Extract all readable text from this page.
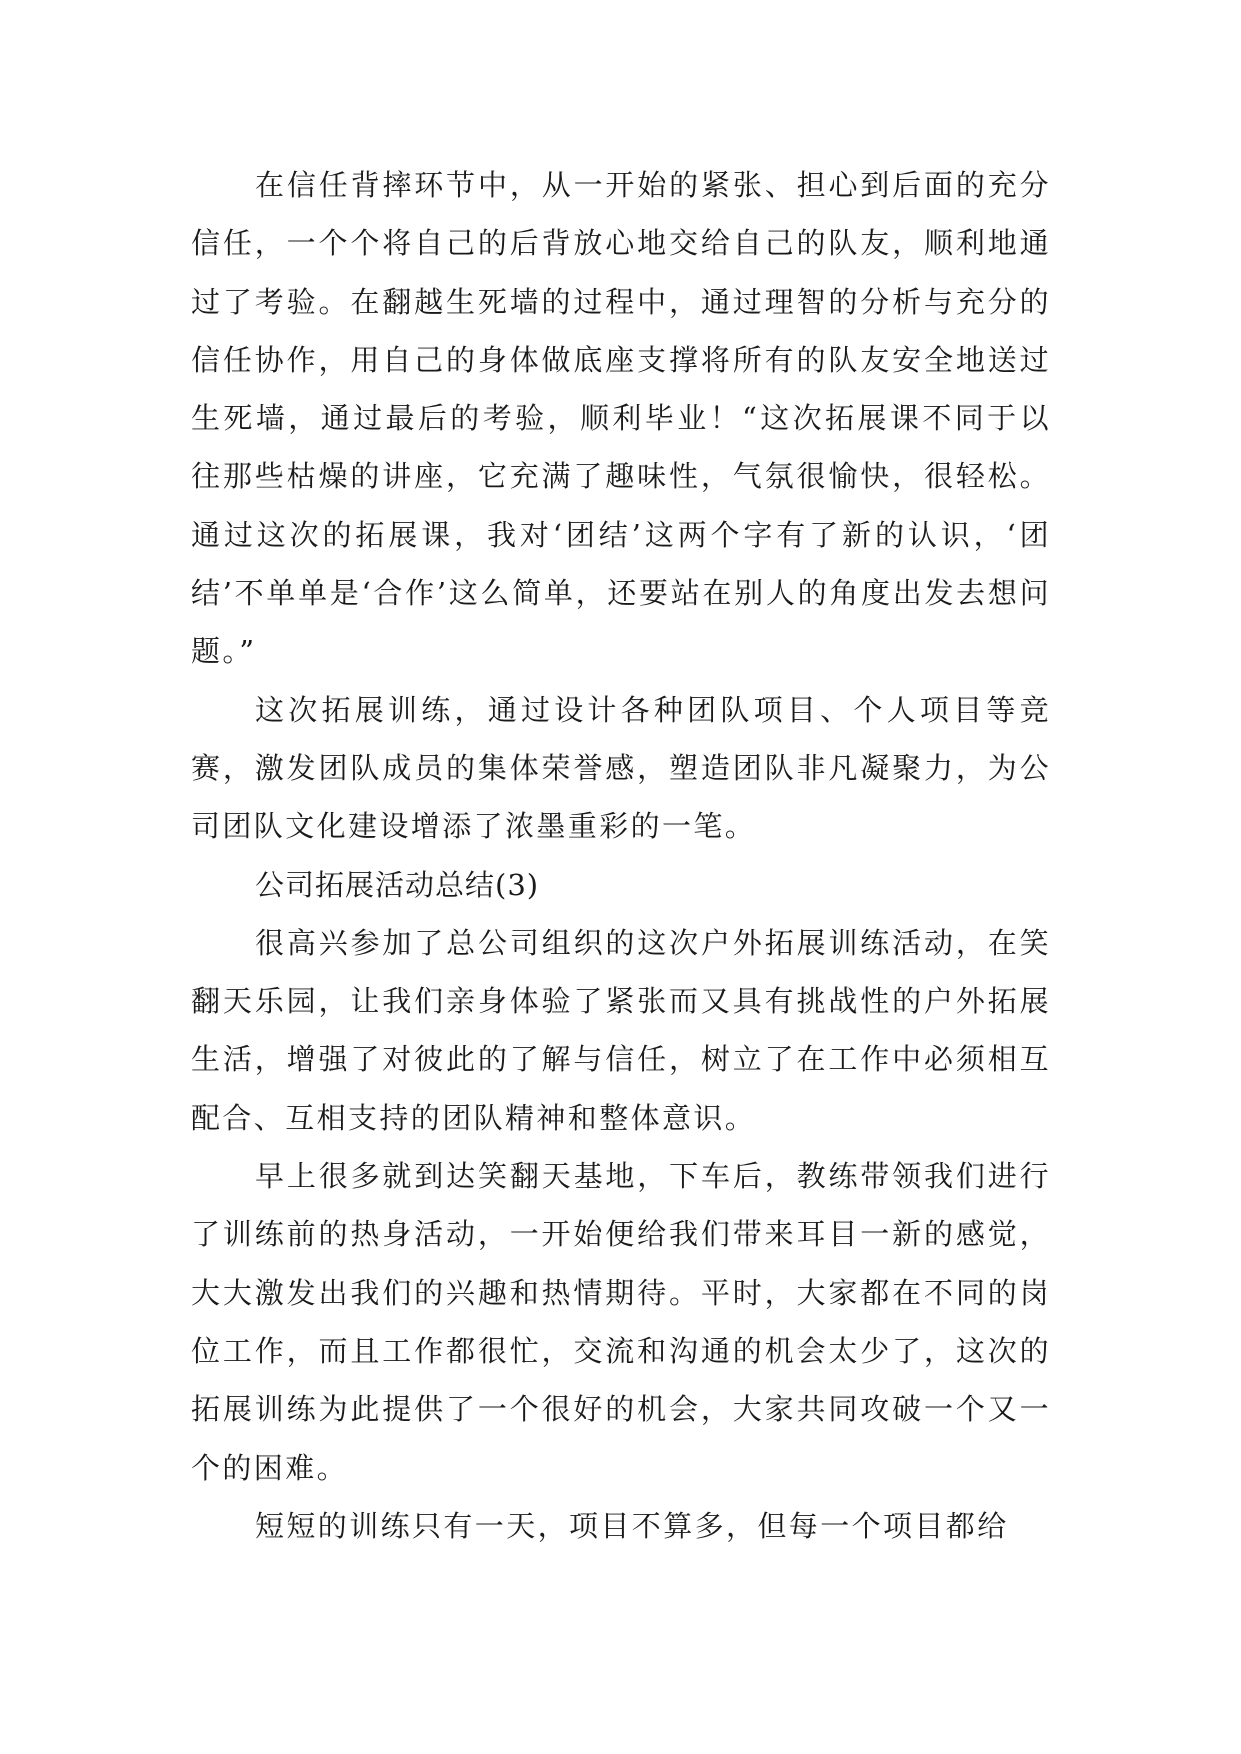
在信任背摔环节中，从一开始的紧张、担心到后面的充分信任，一个个将自己的后背放心地交给自己的队友，顺利地通过了考验。在翻越生死墙的过程中，通过理智的分析与充分的信任协作，用自己的身体做底座支撑将所有的队友安全地送过生死墙，通过最后的考验，顺利毕业！“这次拓展课不同于以往那些枯燥的讲座，它充满了趣味性，气氛很愉快，很轻松。通过这次的拓展课，我对‘团结’这两个字有了新的认识，‘团结’不单单是‘合作’这么简单，还要站在别人的角度出发去想问题。”

这次拓展训练，通过设计各种团队项目、个人项目等竞赛，激发团队成员的集体荣誉感，塑造团队非凡凝聚力，为公司团队文化建设增添了浓墨重彩的一笔。

公司拓展活动总结(3)

很高兴参加了总公司组织的这次户外拓展训练活动，在笑翻天乐园，让我们亲身体验了紧张而又具有挑战性的户外拓展生活，增强了对彼此的了解与信任，树立了在工作中必须相互配合、互相支持的团队精神和整体意识。

早上很多就到达笑翻天基地，下车后，教练带领我们进行了训练前的热身活动，一开始便给我们带来耳目一新的感觉，大大激发出我们的兴趣和热情期待。平时，大家都在不同的岗位工作，而且工作都很忙，交流和沟通的机会太少了，这次的拓展训练为此提供了一个很好的机会，大家共同攻破一个又一个的困难。

短短的训练只有一天，项目不算多，但每一个项目都给
